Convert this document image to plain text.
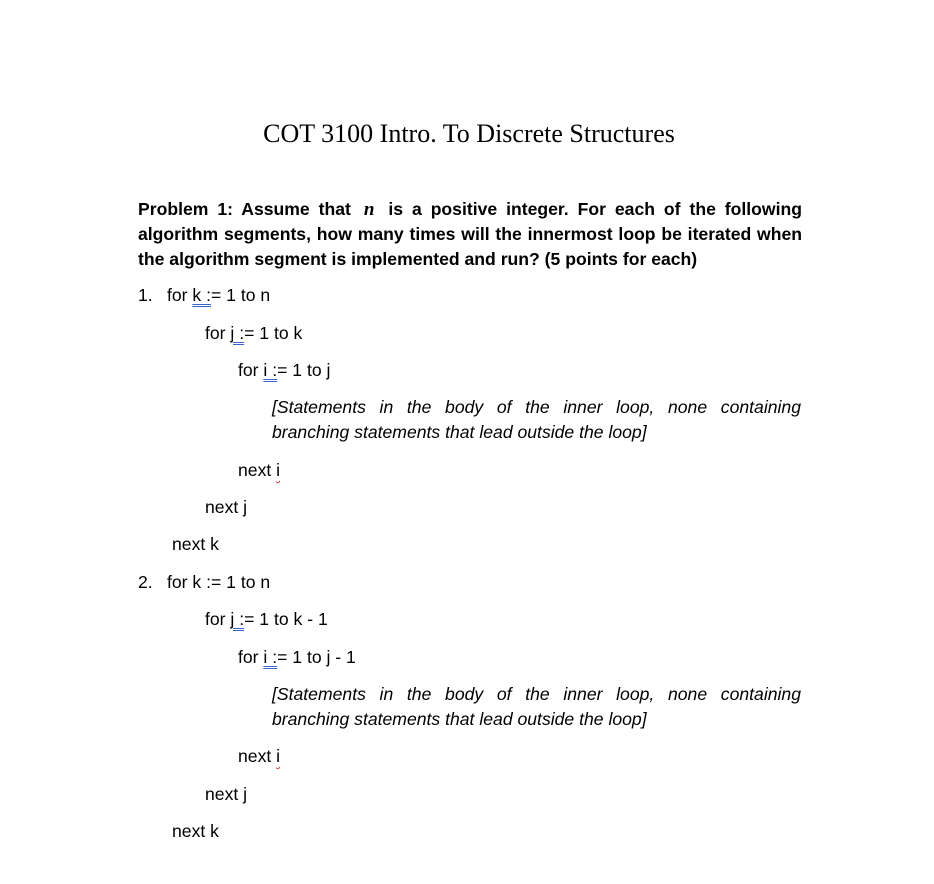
COT 3100 Intro. To Discrete Structures
Problem 1: Assume that n is a positive integer. For each of the following algorithm segments, how many times will the innermost loop be iterated when the algorithm segment is implemented and run? (5 points for each)
1. for k := 1 to n
for j := 1 to k
for i := 1 to j
[Statements in the body of the inner loop, none containing branching statements that lead outside the loop]
next i
next j
next k
2. for k := 1 to n
for j := 1 to k - 1
for i := 1 to j - 1
[Statements in the body of the inner loop, none containing branching statements that lead outside the loop]
next i
next j
next k
